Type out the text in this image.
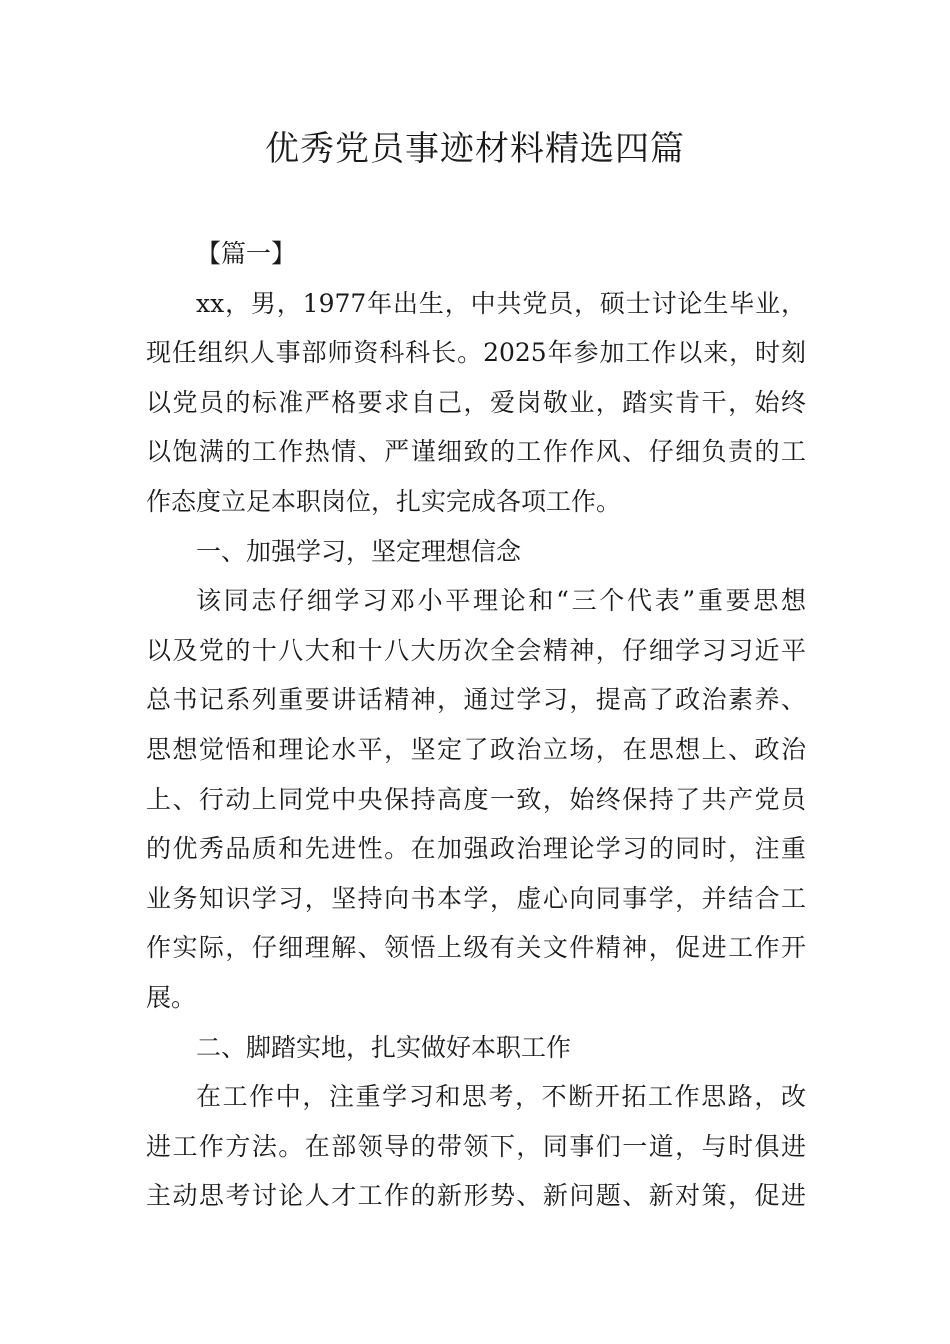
优秀党员事迹材料精选四篇
【篇一】
xx，男，1977年出生，中共党员，硕士讨论生毕业，
现任组织人事部师资科科长。2025年参加工作以来，时刻
以党员的标准严格要求自己，爱岗敬业，踏实肯干，始终
以饱满的工作热情、严谨细致的工作作风、仔细负责的工
作态度立足本职岗位，扎实完成各项工作。
一、加强学习，坚定理想信念
该同志仔细学习邓小平理论和“三个代表”重要思想
以及党的十八大和十八大历次全会精神，仔细学习习近平
总书记系列重要讲话精神，通过学习，提高了政治素养、
思想觉悟和理论水平，坚定了政治立场，在思想上、政治
上、行动上同党中央保持高度一致，始终保持了共产党员
的优秀品质和先进性。在加强政治理论学习的同时，注重
业务知识学习，坚持向书本学，虚心向同事学，并结合工
作实际，仔细理解、领悟上级有关文件精神，促进工作开
展。
二、脚踏实地，扎实做好本职工作
在工作中，注重学习和思考，不断开拓工作思路，改
进工作方法。在部领导的带领下，同事们一道，与时俱进
主动思考讨论人才工作的新形势、新问题、新对策，促进
